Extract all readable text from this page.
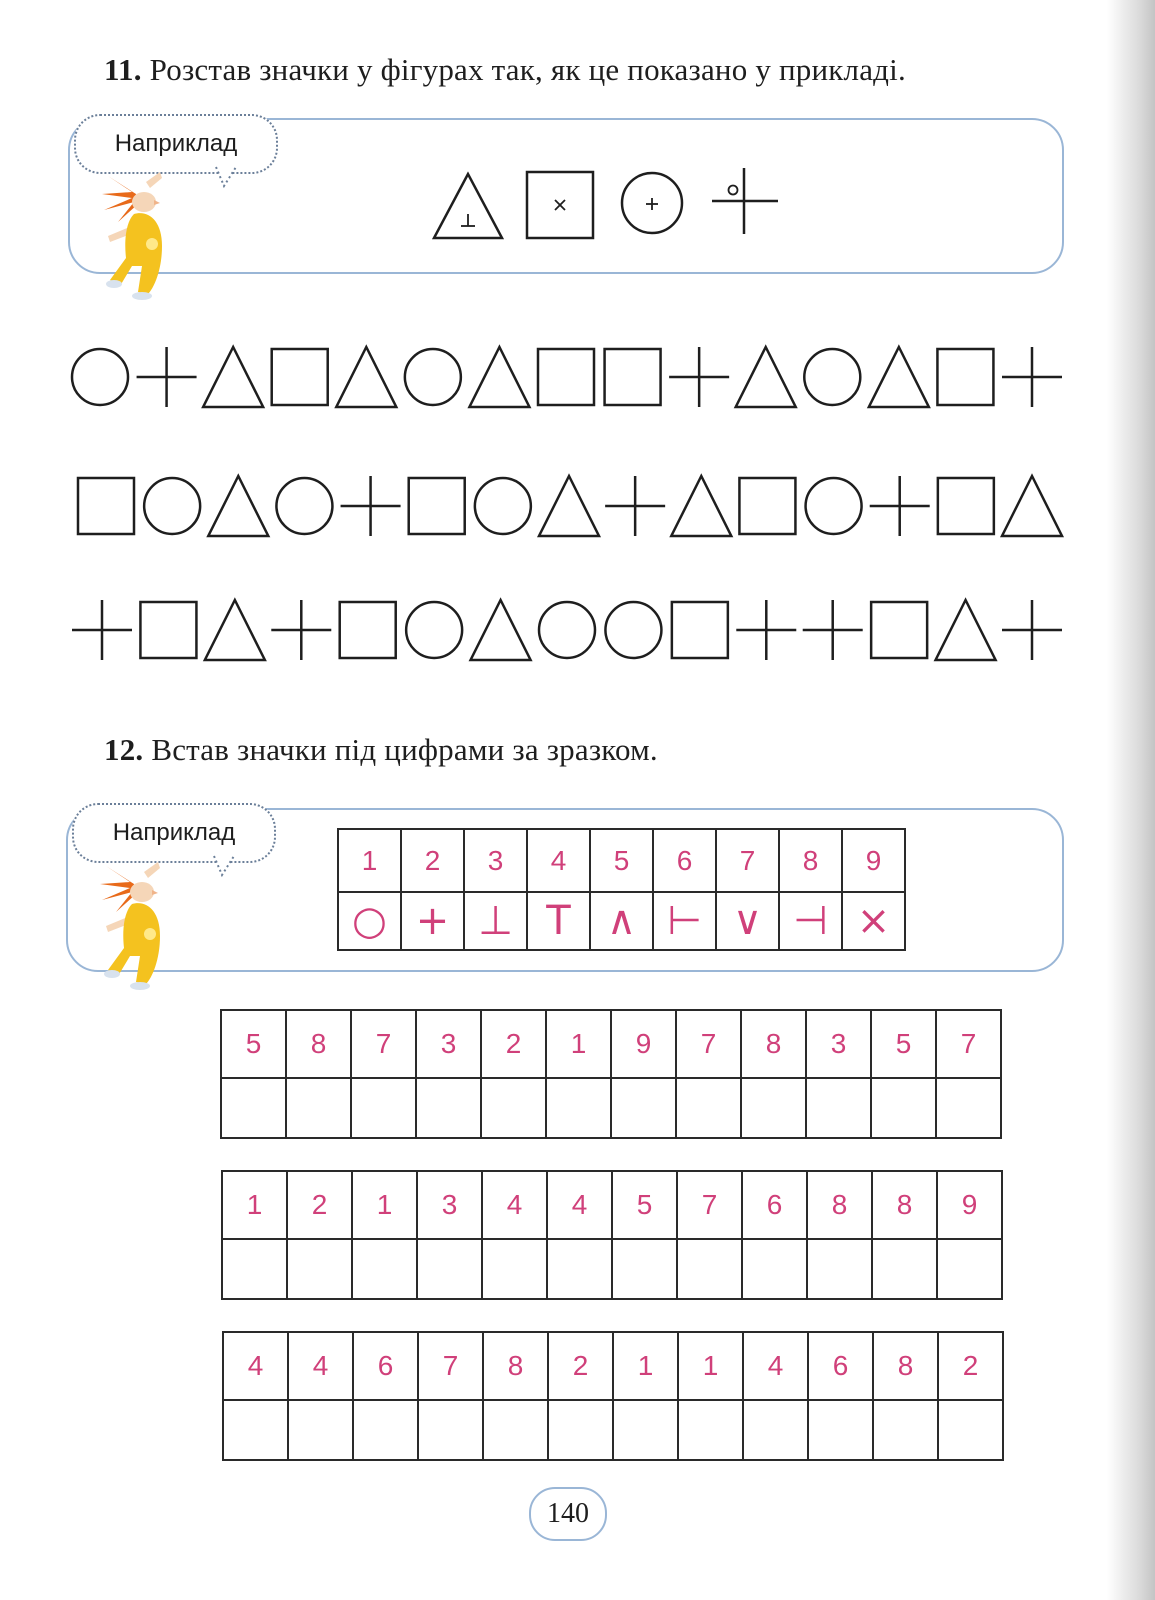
11. Розстав значки у фігурах так, як це показано у прикладі.
Наприклад
12. Встав значки під цифрами за зразком.
Наприклад
1	2	3	4	5	6	7	8	9
○	+	⊥	T	∧	⊢	∨	⊣	×
5	8	7	3	2	1	9	7	8	3	5	7

1	2	1	3	4	4	5	7	6	8	8	9

4	4	6	7	8	2	1	1	4	6	8	2

140
